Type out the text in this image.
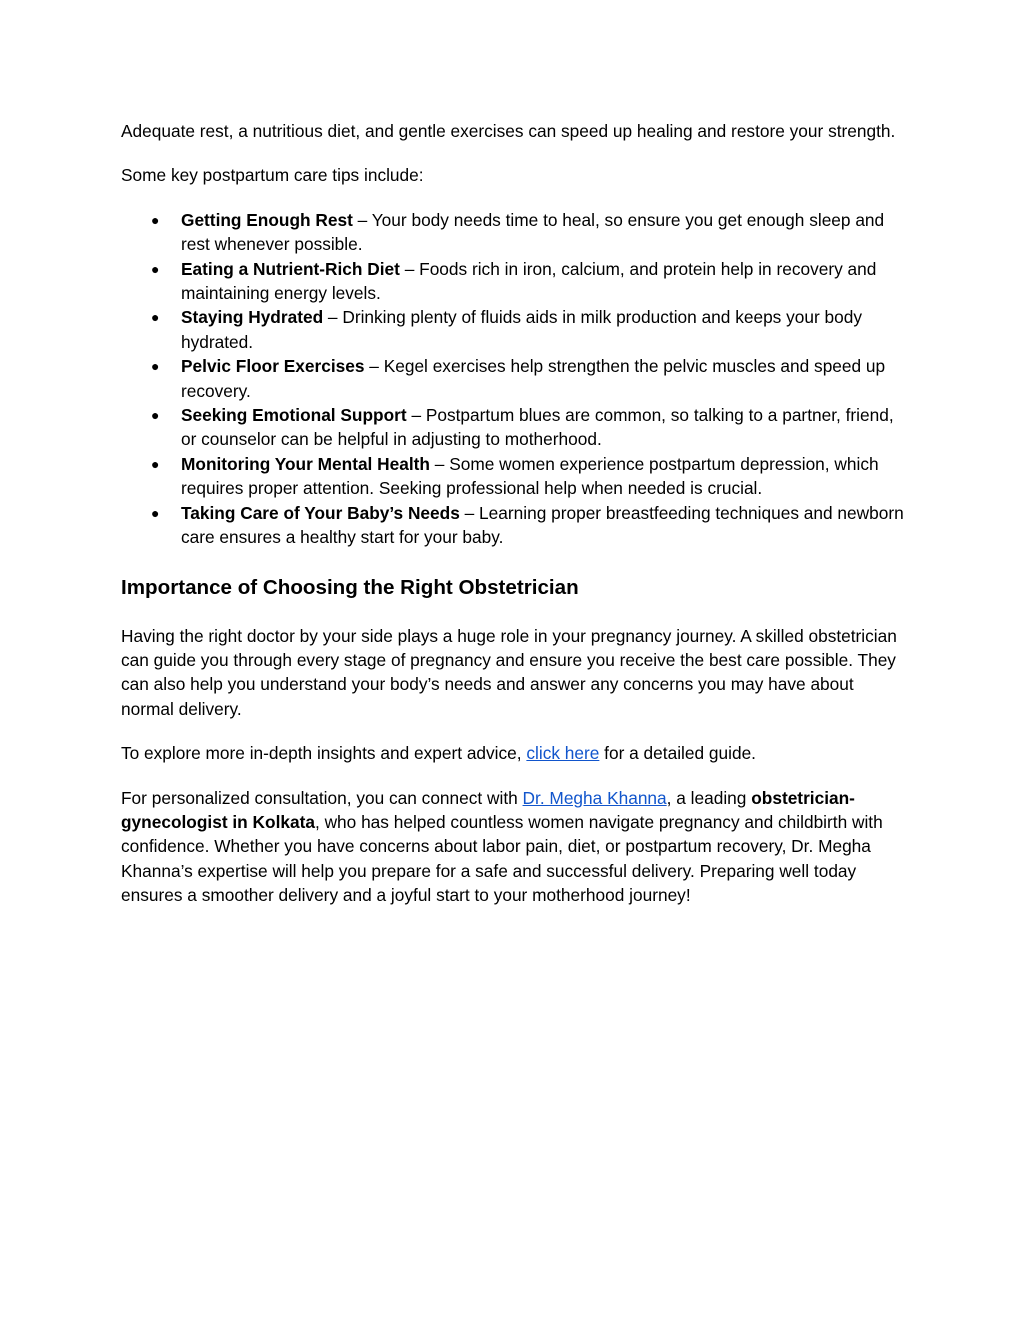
Adequate rest, a nutritious diet, and gentle exercises can speed up healing and restore your strength.

Some key postpartum care tips include:

● Getting Enough Rest – Your body needs time to heal, so ensure you get enough sleep and rest whenever possible.
● Eating a Nutrient-Rich Diet – Foods rich in iron, calcium, and protein help in recovery and maintaining energy levels.
● Staying Hydrated – Drinking plenty of fluids aids in milk production and keeps your body hydrated.
● Pelvic Floor Exercises – Kegel exercises help strengthen the pelvic muscles and speed up recovery.
● Seeking Emotional Support – Postpartum blues are common, so talking to a partner, friend, or counselor can be helpful in adjusting to motherhood.
● Monitoring Your Mental Health – Some women experience postpartum depression, which requires proper attention. Seeking professional help when needed is crucial.
● Taking Care of Your Baby’s Needs – Learning proper breastfeeding techniques and newborn care ensures a healthy start for your baby.
Importance of Choosing the Right Obstetrician

Having the right doctor by your side plays a huge role in your pregnancy journey. A skilled obstetrician can guide you through every stage of pregnancy and ensure you receive the best care possible. They can also help you understand your body’s needs and answer any concerns you may have about normal delivery.

To explore more in-depth insights and expert advice, click here for a detailed guide.

For personalized consultation, you can connect with Dr. Megha Khanna, a leading obstetrician-gynecologist in Kolkata, who has helped countless women navigate pregnancy and childbirth with confidence. Whether you have concerns about labor pain, diet, or postpartum recovery, Dr. Megha Khanna’s expertise will help you prepare for a safe and successful delivery. Preparing well today ensures a smoother delivery and a joyful start to your motherhood journey!
